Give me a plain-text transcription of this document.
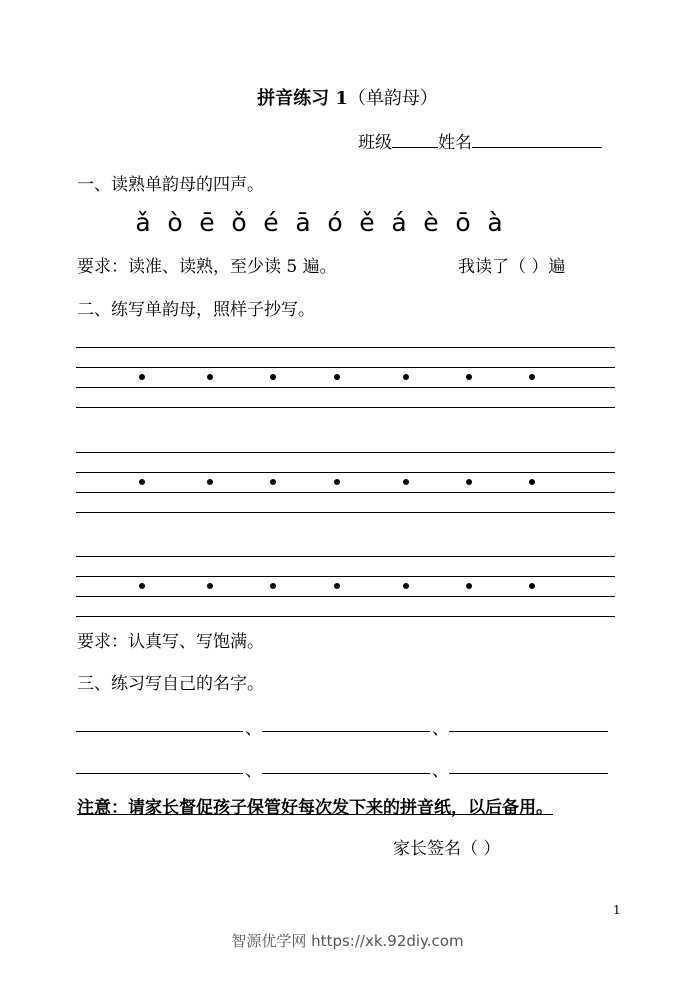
拼音练习 1（单韵母）
班级	姓名
一、读熟单韵母的四声。
ǎ ò ē ǒ é ā ó ě á è ō à
要求：读准、读熟，至少读 5 遍。	我读了（ ）遍
二、练写单韵母，照样子抄写。
要求：认真写、写饱满。
三、练习写自己的名字。
、
、
、
、
注意：请家长督促孩子保管好每次发下来的拼音纸，以后备用。
家长签名（ ）
1
智源优学网 https://xk.92diy.com
